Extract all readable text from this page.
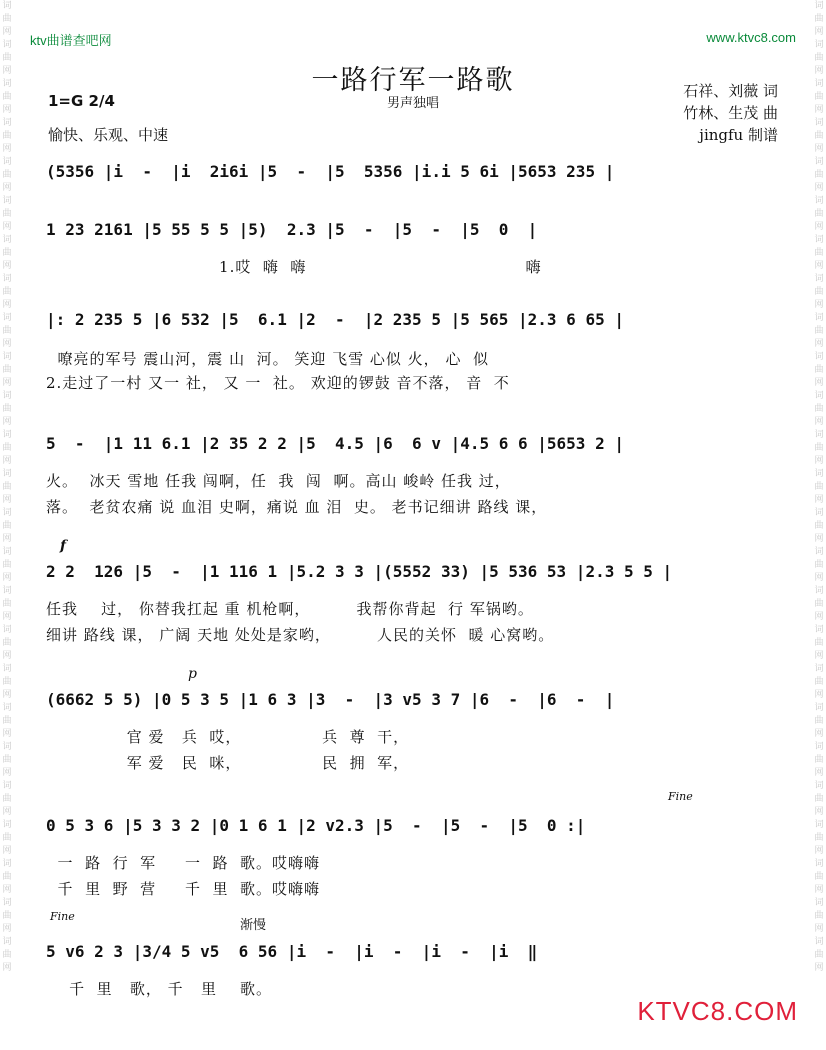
词曲网词曲网词曲网词曲网词曲网词曲网词曲网词曲网词曲网词曲网词曲网词曲网词曲网词曲网词曲网词曲网词曲网词曲网词曲网词曲网词曲网词曲网词曲网词曲网词曲网
词曲网词曲网词曲网词曲网词曲网词曲网词曲网词曲网词曲网词曲网词曲网词曲网词曲网词曲网词曲网词曲网词曲网词曲网词曲网词曲网词曲网词曲网词曲网词曲网词曲网
ktv曲谱查吧网	www.ktvc8.com
一路行军一路歌
男声独唱
1=G 2/4
愉快、乐观、中速
石祥、刘薇 词
竹林、生茂 曲
jingfu 制谱
(5356 |i  -  |i  2i6i |5  -  |5  5356 |i.i 5 6i |5653 235 |
1 23 2161 |5 55 5 5 |5)  2.3 |5  -  |5  -  |5  0  |
1.哎  嗨  嗨                                      嗨
|: 2 235 5 |6 532 |5  6.1 |2  -  |2 235 5 |5 565 |2.3 6 65 |
嘹亮的军号 震山河，震 山  河。 笑迎 飞雪 心似 火， 心  似
2.走过了一村 又一 社， 又 一  社。 欢迎的锣鼓 音不落， 音  不
5  -  |1 11 6.1 |2 35 2 2 |5  4.5 |6  6 v |4.5 6 6 |5653 2 |
火。  冰天 雪地 任我 闯啊，任  我  闯  啊。高山 峻岭 任我 过，
落。  老贫农痛 说 血泪 史啊，痛说 血 泪  史。 老书记细讲 路线 课，
f
2 2  126 |5  -  |1 116 1 |5.2 3 3 |(5552 33) |5 536 53 |2.3 5 5 |
任我    过， 你替我扛起 重 机枪啊，        我帮你背起  行 军锅哟。
细讲 路线 课， 广阔 天地 处处是家哟，        人民的关怀  暖 心窝哟。
p
(6662 5 5) |0 5 3 5 |1 6 3 |3  -  |3 v5 3 7 |6  -  |6  -  |
官 爱   兵  哎，              兵  尊  干，
军 爱   民  咪，              民  拥  军，
Fine
0 5 3 6 |5 3 3 2 |0 1 6 1 |2 v2.3 |5  -  |5  -  |5  0 :|
一  路  行  军     一  路  歌。哎嗨嗨
千  里  野  营     千  里  歌。哎嗨嗨
Fine
渐慢
5 v6 2 3 |3/4 5 v5  6 56 |i  -  |i  -  |i  -  |i  ‖
千  里   歌， 千   里    歌。
KTVC8.COM
